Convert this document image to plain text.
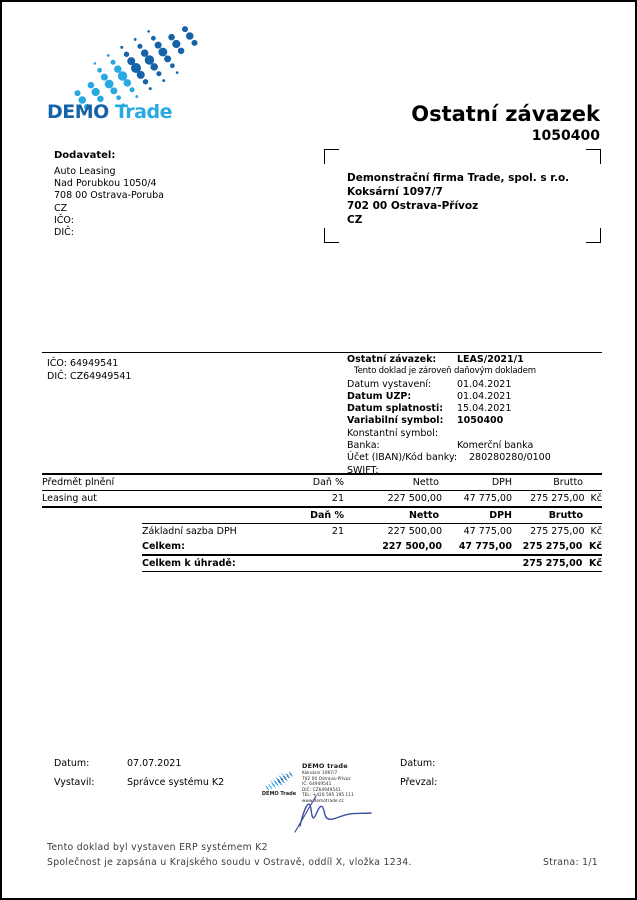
DEMO Trade	Ostatní závazek
1050400
Dodavatel:
Auto Leasing
Nad Porubkou 1050/4
708 00 Ostrava-Poruba
CZ
IČO:
DIČ:
Demonstrační firma Trade, spol. s r.o.
Koksární 1097/7
702 00 Ostrava-Přívoz
CZ
IČO: 64949541
DIČ: CZ64949541
Ostatní závazek:	LEAS/2021/1
Tento doklad je zároveň daňovým dokladem
Datum vystavení:	01.04.2021
Datum UZP:	01.04.2021
Datum splatnosti:	15.04.2021
Variabilní symbol:	1050400
Konstantní symbol:
Banka:	Komerční banka
Účet (IBAN)/Kód banky:	280280280/0100
SWIFT:
Předmět plnění	Daň %	Netto	DPH	Brutto
Leasing aut	21	227 500,00	47 775,00	275 275,00  Kč
Daň %	Netto	DPH	Brutto
Základní sazba DPH	21	227 500,00	47 775,00	275 275,00  Kč
Celkem:	227 500,00	47 775,00	275 275,00  Kč
Celkem k úhradě:	275 275,00  Kč
Datum:	07.07.2021
Vystavil:	Správce systému K2
Datum:
Převzal:
DEMO Trade
DEMO trade
Koksární 1097/7
702 00 Ostrava-Přívoz
IČ: 64949541
DIČ: CZ64949541
TEL: +420 595 195 111
www.demotrade.cz
Tento doklad byl vystaven ERP systémem K2
Společnost je zapsána u Krajského soudu v Ostravě, oddíl X, vložka 1234.	Strana: 1/1
